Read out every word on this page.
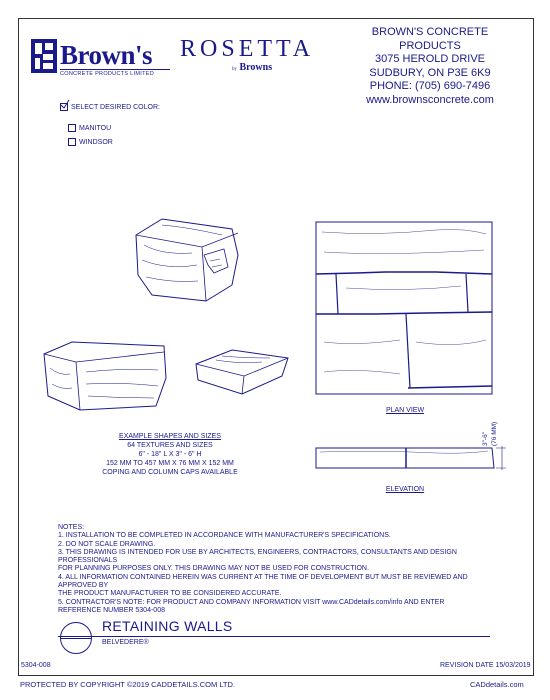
Brown's
CONCRETE PRODUCTS LIMITED
ROSETTA
by Browns
BROWN'S CONCRETE PRODUCTS
3075 HEROLD DRIVE
SUDBURY, ON P3E 6K9
PHONE: (705) 690-7496
www.brownsconcrete.com
SELECT DESIRED COLOR:
MANITOU
WINDSOR
EXAMPLE SHAPES AND SIZES
64 TEXTURES AND SIZES
6" - 18" L X 3" - 6" H
152 MM TO 457 MM X 76 MM X 152 MM
COPING AND COLUMN CAPS AVAILABLE
PLAN VIEW
3"-6" (76 MM)
ELEVATION
NOTES:
1. INSTALLATION TO BE COMPLETED IN ACCORDANCE WITH MANUFACTURER'S SPECIFICATIONS.
2. DO NOT SCALE DRAWING.
3. THIS DRAWING IS INTENDED FOR USE BY ARCHITECTS, ENGINEERS, CONTRACTORS, CONSULTANTS AND DESIGN PROFESSIONALS
FOR PLANNING PURPOSES ONLY. THIS DRAWING MAY NOT BE USED FOR CONSTRUCTION.
4. ALL INFORMATION CONTAINED HEREIN WAS CURRENT AT THE TIME OF DEVELOPMENT BUT MUST BE REVIEWED AND APPROVED BY
THE PRODUCT MANUFACTURER TO BE CONSIDERED ACCURATE.
5. CONTRACTOR'S NOTE: FOR PRODUCT AND COMPANY INFORMATION VISIT www.CADdetails.com/info AND ENTER
REFERENCE NUMBER 5304-008
RETAINING WALLS
BELVEDERE®
5304-008	REVISION DATE 15/03/2019
PROTECTED BY COPYRIGHT ©2019 CADDETAILS.COM LTD.	CADdetails.com
